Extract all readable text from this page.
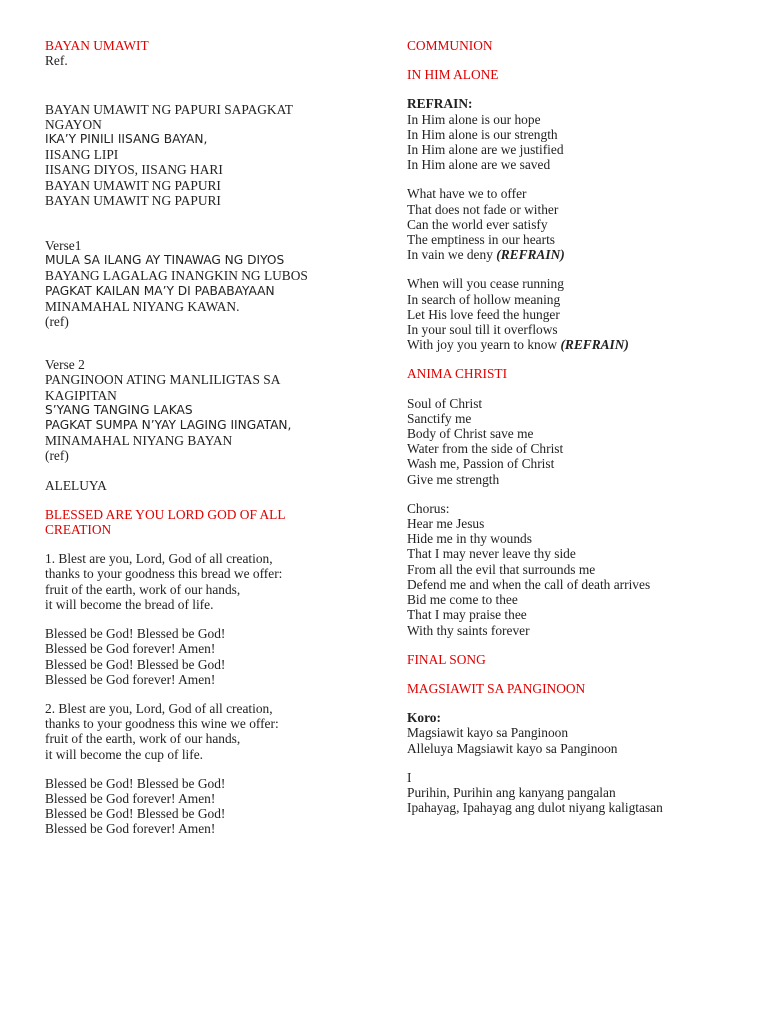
BAYAN UMAWIT
Ref.

BAYAN UMAWIT NG PAPURI SAPAGKAT
NGAYON
IKA’Y PINILI IISANG BAYAN,
IISANG LIPI
IISANG DIYOS, IISANG HARI
BAYAN UMAWIT NG PAPURI
BAYAN UMAWIT NG PAPURI
Verse1
MULA SA ILANG AY TINAWAG NG DIYOS
BAYANG LAGALAG INANGKIN NG LUBOS
PAGKAT KAILAN MA’Y DI PABABAYAAN
MINAMAHAL NIYANG KAWAN.
(ref)
Verse 2
PANGINOON ATING MANLILIGTAS SA
KAGIPITAN
S’YANG TANGING LAKAS
PAGKAT SUMPA N’YAY LAGING IINGATAN,
MINAMAHAL NIYANG BAYAN
(ref)
ALELUYA
BLESSED ARE YOU LORD GOD OF ALL
CREATION
1. Blest are you, Lord, God of all creation,
thanks to your goodness this bread we offer:
fruit of the earth, work of our hands,
it will become the bread of life.
Blessed be God! Blessed be God!
Blessed be God forever! Amen!
Blessed be God! Blessed be God!
Blessed be God forever! Amen!
2. Blest are you, Lord, God of all creation,
thanks to your goodness this wine we offer:
fruit of the earth, work of our hands,
it will become the cup of life.
Blessed be God! Blessed be God!
Blessed be God forever! Amen!
Blessed be God! Blessed be God!
Blessed be God forever! Amen!
COMMUNION
IN HIM ALONE
REFRAIN:
In Him alone is our hope
In Him alone is our strength
In Him alone are we justified
In Him alone are we saved
What have we to offer
That does not fade or wither
Can the world ever satisfy
The emptiness in our hearts
In vain we deny (REFRAIN)
When will you cease running
In search of hollow meaning
Let His love feed the hunger
In your soul till it overflows
With joy you yearn to know (REFRAIN)
ANIMA CHRISTI
Soul of Christ
Sanctify me
Body of Christ save me
Water from the side of Christ
Wash me, Passion of Christ
Give me strength
Chorus:
Hear me Jesus
Hide me in thy wounds
That I may never leave thy side
From all the evil that surrounds me
Defend me and when the call of death arrives
Bid me come to thee
That I may praise thee
With thy saints forever
FINAL SONG
MAGSIAWIT SA PANGINOON
Koro:
Magsiawit kayo sa Panginoon
Alleluya Magsiawit kayo sa Panginoon
I
Purihin, Purihin ang kanyang pangalan
Ipahayag, Ipahayag ang dulot niyang kaligtasan
